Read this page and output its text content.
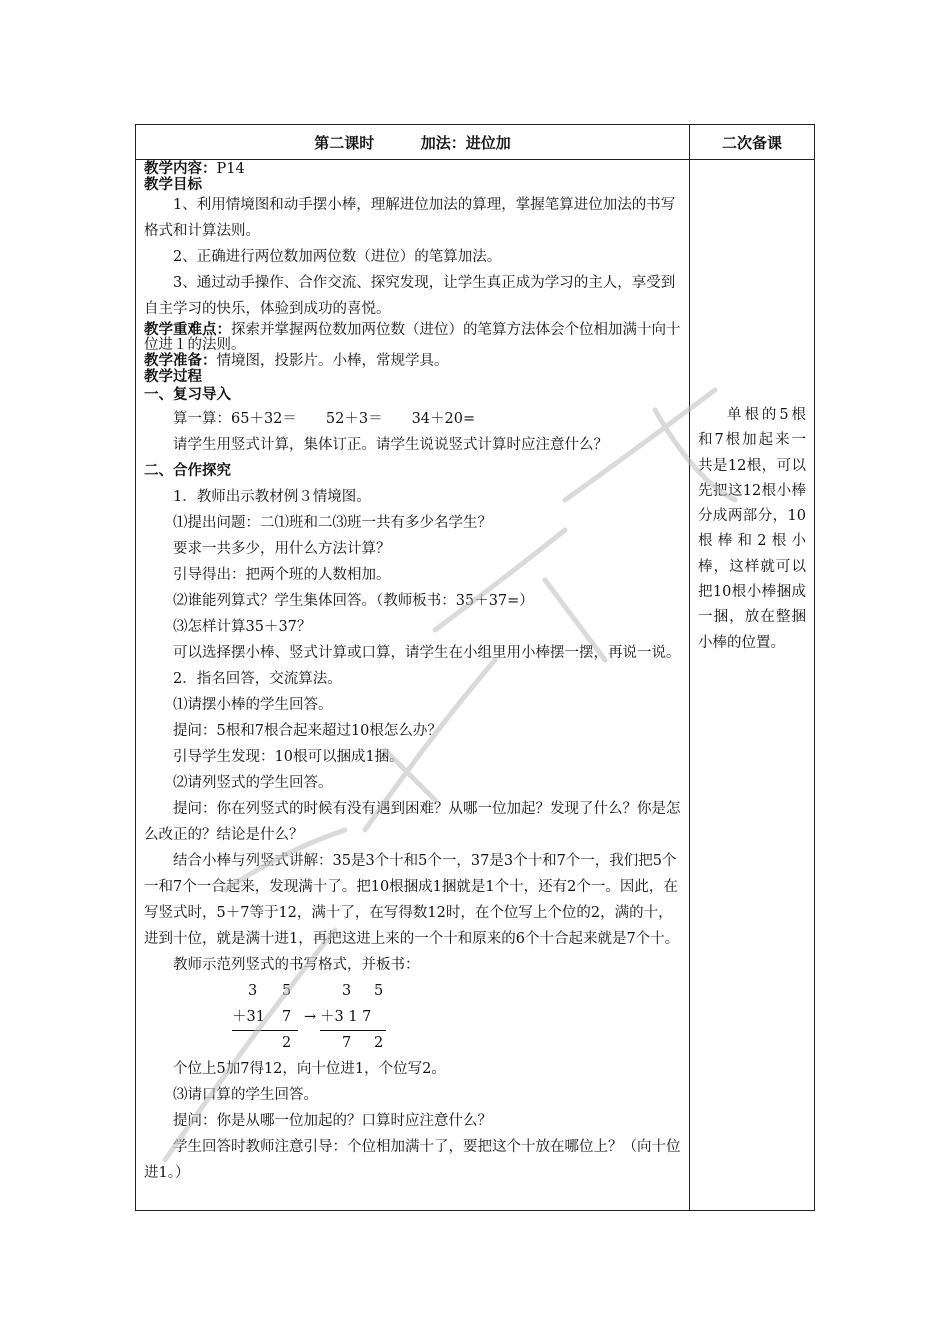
第二课时	加法：进位加	二次备课

教学内容：P14

教学目标

1、利用情境图和动手摆小棒，理解进位加法的算理，掌握笔算进位加法的书写格式和计算法则。

2、正确进行两位数加两位数（进位）的笔算加法。

3、通过动手操作、合作交流、探究发现，让学生真正成为学习的主人，享受到自主学习的快乐，体验到成功的喜悦。

教学重难点：探索并掌握两位数加两位数（进位）的笔算方法体会个位相加满十向十位进１的法则。

教学准备：情境图，投影片。小棒，常规学具。

教学过程

一、复习导入

算一算：65＋32＝　　52＋3＝　　34＋20=

请学生用竖式计算，集体订正。请学生说说竖式计算时应注意什么？

二、合作探究

1．教师出示教材例３情境图。

⑴提出问题：二⑴班和二⑶班一共有多少名学生？

要求一共多少，用什么方法计算？

引导得出：把两个班的人数相加。

⑵谁能列算式？学生集体回答。（教师板书：35＋37=）

⑶怎样计算35＋37？

可以选择摆小棒、竖式计算或口算，请学生在小组里用小棒摆一摆，再说一说。

2．指名回答，交流算法。

⑴请摆小棒的学生回答。

提问：5根和7根合起来超过10根怎么办？

引导学生发现：10根可以捆成1捆。

⑵请列竖式的学生回答。

提问：你在列竖式的时候有没有遇到困难？从哪一位加起？发现了什么？你是怎么改正的？结论是什么？

结合小棒与列竖式讲解：35是3个十和5个一，37是3个十和7个一，我们把5个一和7个一合起来，发现满十了。把10根捆成1捆就是1个十，还有2个一。因此，在写竖式时，5＋7等于12，满十了，在写得数12时，在个位写上个位的2，满的十，进到十位，就是满十进1，再把这进上来的一个十和原来的6个十合起来就是7个十。

教师示范列竖式的书写格式，并板书：

3 5
＋31 7
2
→
3 5
＋3 1 7
7 2

个位上5加7得12，向十位进1，个位写2。

⑶请口算的学生回答。

提问：你是从哪一位加起的？口算时应注意什么？

学生回答时教师注意引导：个位相加满十了，要把这个十放在哪位上？（向十位进1。）

单根的5根和7根加起来一共是12根，可以先把这12根小棒分成两部分，10根棒和2根小棒，这样就可以把10根小棒捆成一捆，放在整捆小棒的位置。
